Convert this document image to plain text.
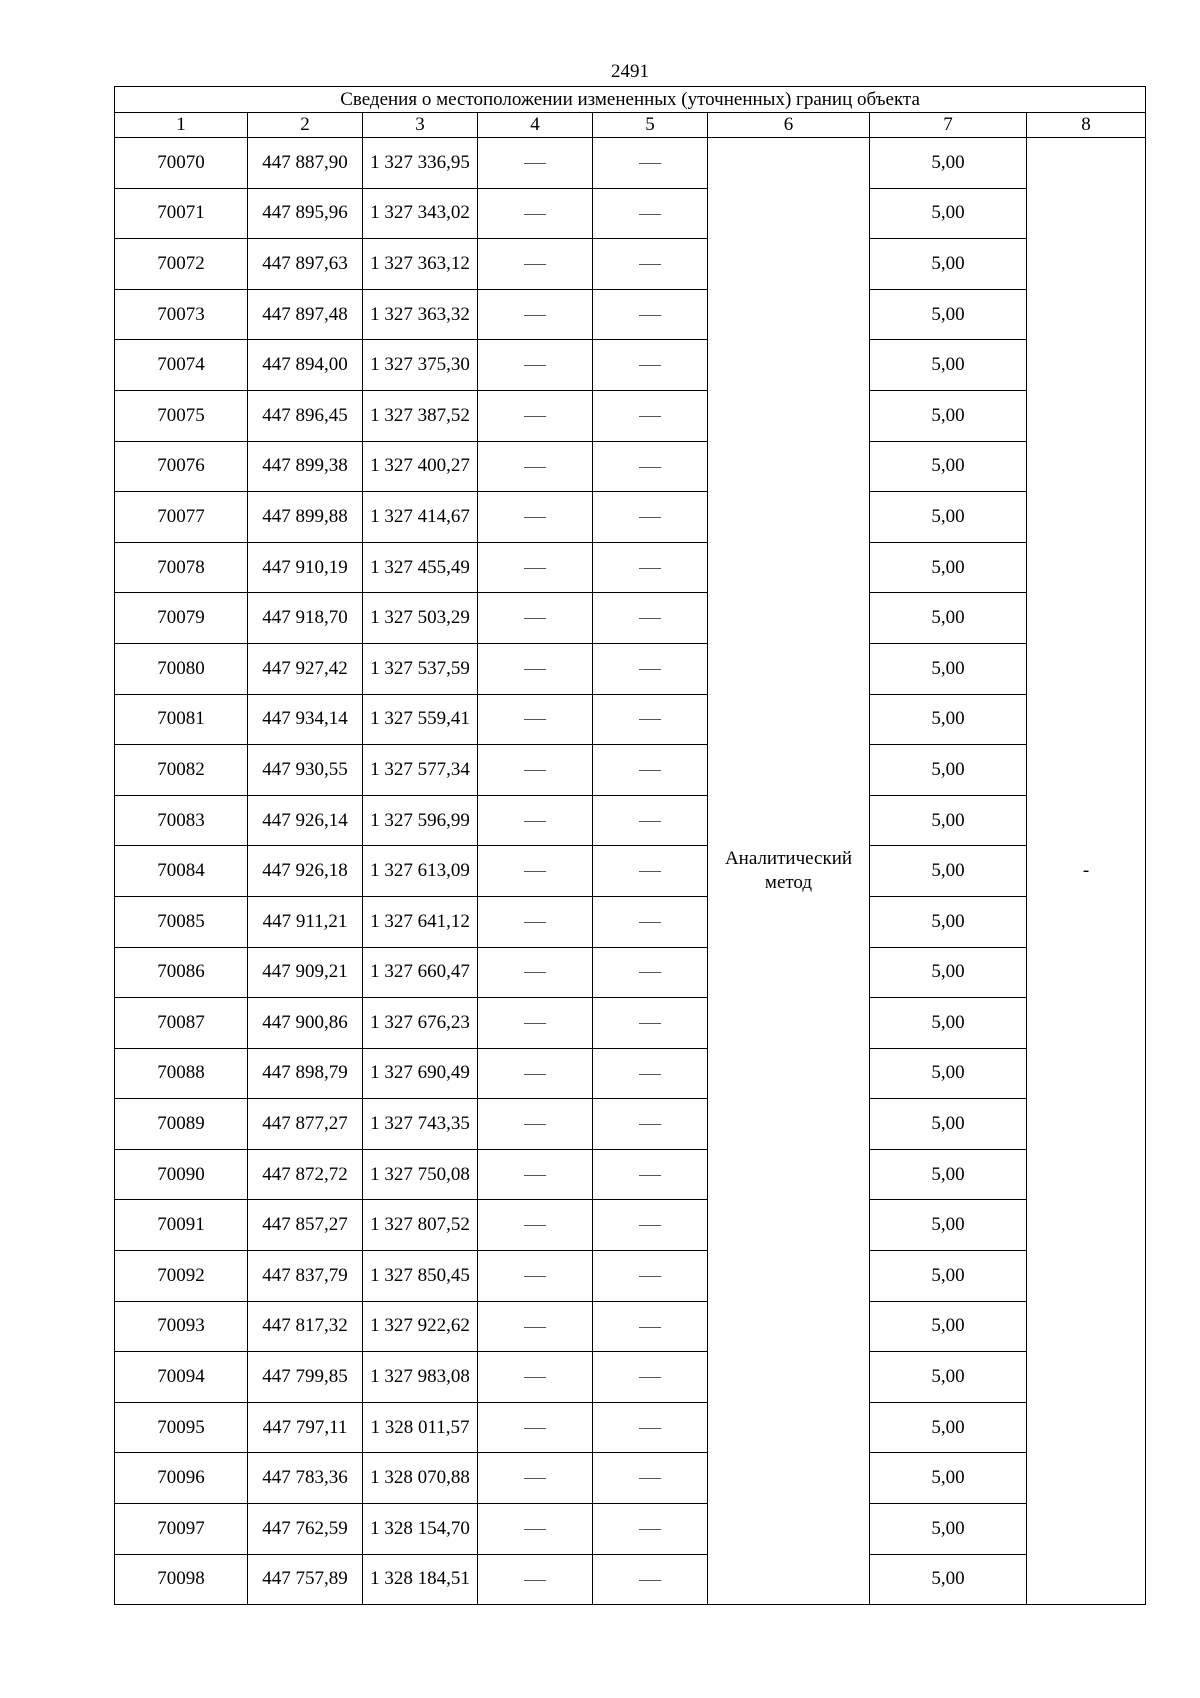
2491
Сведения о местоположении измененных (уточненных) границ объекта							
1	2	3	4	5	6	7	8
70070	447 887,90	1 327 336,95			Аналитический метод	5,00	-
70071	447 895,96	1 327 343,02				5,00	
70072	447 897,63	1 327 363,12				5,00	
70073	447 897,48	1 327 363,32				5,00	
70074	447 894,00	1 327 375,30				5,00	
70075	447 896,45	1 327 387,52				5,00	
70076	447 899,38	1 327 400,27				5,00	
70077	447 899,88	1 327 414,67				5,00	
70078	447 910,19	1 327 455,49				5,00	
70079	447 918,70	1 327 503,29				5,00	
70080	447 927,42	1 327 537,59				5,00	
70081	447 934,14	1 327 559,41				5,00	
70082	447 930,55	1 327 577,34				5,00	
70083	447 926,14	1 327 596,99				5,00	
70084	447 926,18	1 327 613,09				5,00	
70085	447 911,21	1 327 641,12				5,00	
70086	447 909,21	1 327 660,47				5,00	
70087	447 900,86	1 327 676,23				5,00	
70088	447 898,79	1 327 690,49				5,00	
70089	447 877,27	1 327 743,35				5,00	
70090	447 872,72	1 327 750,08				5,00	
70091	447 857,27	1 327 807,52				5,00	
70092	447 837,79	1 327 850,45				5,00	
70093	447 817,32	1 327 922,62				5,00	
70094	447 799,85	1 327 983,08				5,00	
70095	447 797,11	1 328 011,57				5,00	
70096	447 783,36	1 328 070,88				5,00	
70097	447 762,59	1 328 154,70				5,00	
70098	447 757,89	1 328 184,51				5,00	
